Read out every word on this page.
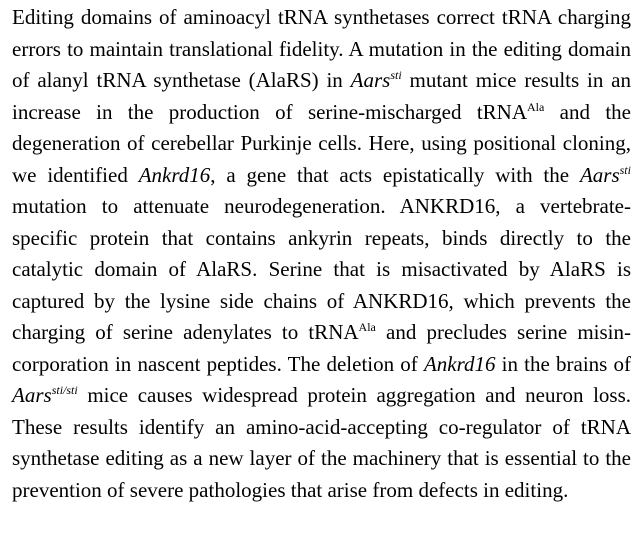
Editing domains of aminoacyl tRNA synthetases correct tRNA charging errors to maintain translational fidelity. A mutation in the editing domain of alanyl tRNA synthetase (AlaRS) in Aars$^{sti}$ mutant mice results in an increase in the production of serine-mischarged tRNA$^{Ala}$ and the degeneration of cerebellar Purkinje cells. Here, using positional cloning, we identified Ankrd16, a gene that acts epistatically with the Aars$^{sti}$ mutation to attenuate neurodegeneration. ANKRD16, a vertebrate-specific protein that contains ankyrin repeats, binds directly to the catalytic domain of AlaRS. Serine that is misactivated by AlaRS is captured by the lysine side chains of ANKRD16, which prevents the charging of serine adenylates to tRNA$^{Ala}$ and precludes serine misincorporation in nascent peptides. The deletion of Ankrd16 in the brains of Aars$^{sti/sti}$ mice causes widespread protein aggregation and neuron loss. These results identify an amino-acid-accepting co-regulator of tRNA synthetase editing as a new layer of the machinery that is essential to the prevention of severe pathologies that arise from defects in editing.
